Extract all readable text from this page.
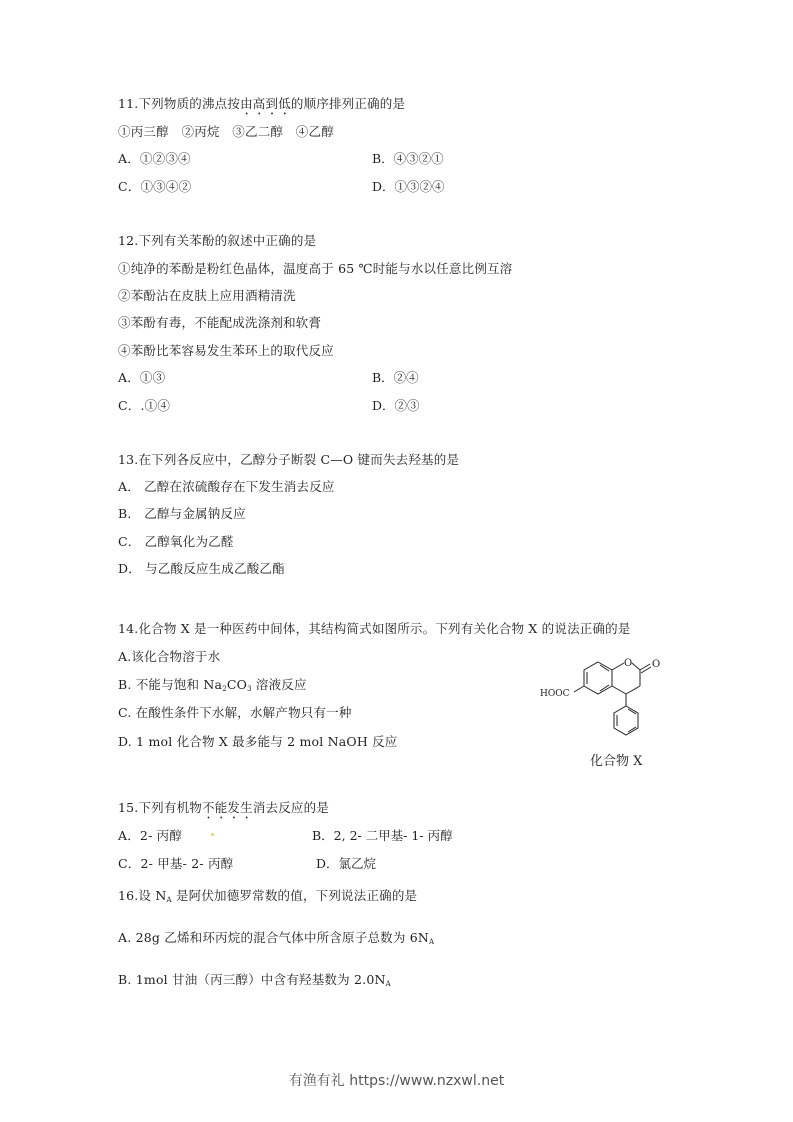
11.下列物质的沸点按由高到低的顺序排列正确的是
①丙三醇　②丙烷　③乙二醇　④乙醇
A．①②③④	B．④③②①
C．①③④②	D．①③②④
12.下列有关苯酚的叙述中正确的是
①纯净的苯酚是粉红色晶体，温度高于 65 ℃时能与水以任意比例互溶
②苯酚沾在皮肤上应用酒精清洗
③苯酚有毒，不能配成洗涤剂和软膏
④苯酚比苯容易发生苯环上的取代反应
A．①③	B．②④
C．.①④	D．②③
13.在下列各反应中，乙醇分子断裂 C—O 键而失去羟基的是
A． 乙醇在浓硫酸存在下发生消去反应
B． 乙醇与金属钠反应
C． 乙醇氧化为乙醛
D． 与乙酸反应生成乙酸乙酯
14.化合物 X 是一种医药中间体，其结构简式如图所示。下列有关化合物 X 的说法正确的是
A.该化合物溶于水
B. 不能与饱和 $Na_2CO_3$ 溶液反应
C. 在酸性条件下水解，水解产物只有一种
D. 1 mol 化合物 X 最多能与 2 mol NaOH 反应
O O
HOOC
化合物 X
15.下列有机物不能发生消去反应的是
A．2- 丙醇	B．2, 2- 二甲基- 1- 丙醇
C．2- 甲基- 2- 丙醇	D．氯乙烷
16.设 $N_A$ 是阿伏加德罗常数的值，下列说法正确的是
A. 28g 乙烯和环丙烷的混合气体中所含原子总数为 $6N_A$
B. 1mol 甘油（丙三醇）中含有羟基数为 $2.0N_A$
有渔有礼 https://www.nzxwl.net
